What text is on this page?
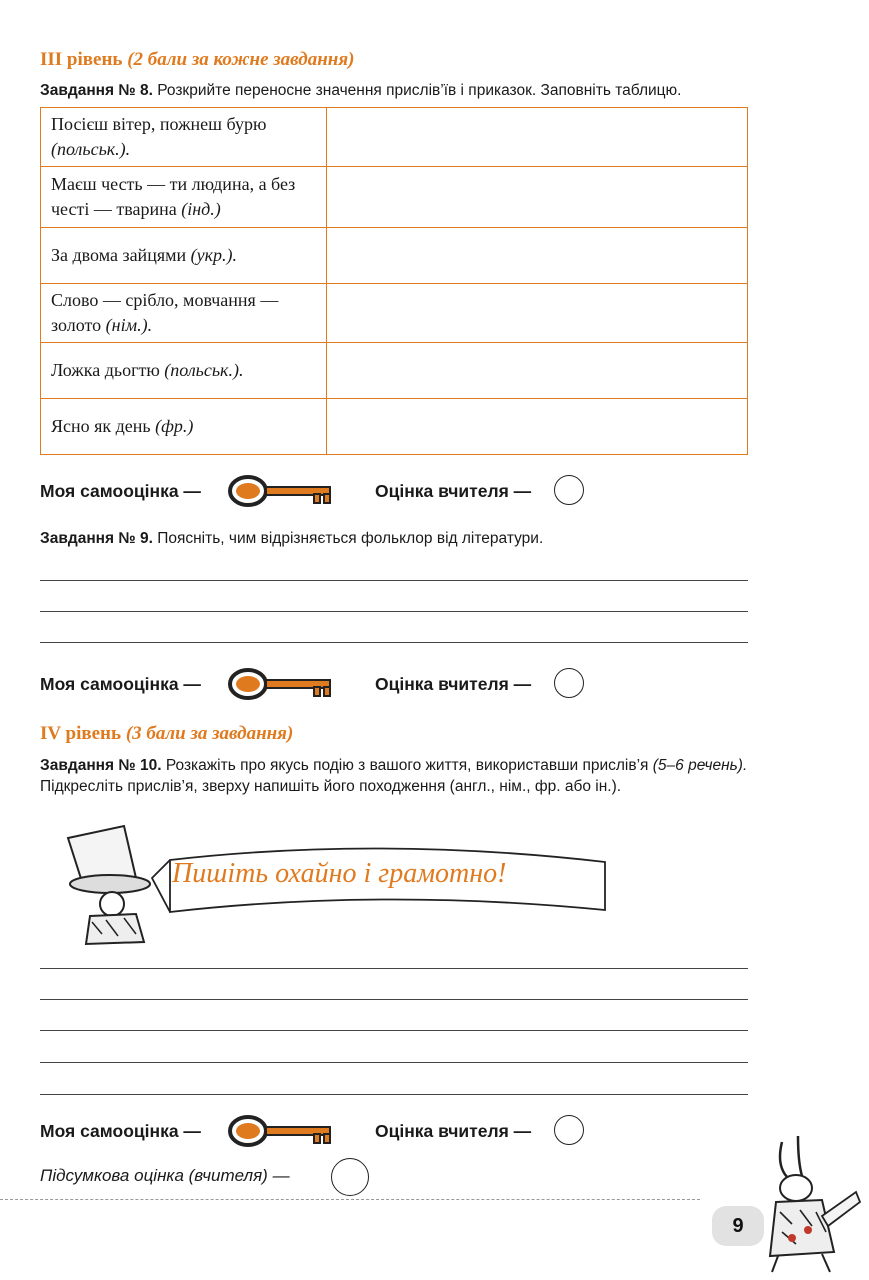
III рівень (2 бали за кожне завдання)
Завдання № 8. Розкрийте переносне значення прислів’їв і приказок. Заповніть таблицю.
Посієш вітер, пожнеш бурю
(польськ.).	
Маєш честь — ти людина, а без честі — тварина (інд.)	
За двома зайцями (укр.).	
Слово — срібло, мовчання — золото (нім.).	
Ложка дьогтю (польськ.).	
Ясно як день (фр.)	
Моя самооцінка —	Оцінка вчителя —
Завдання № 9. Поясніть, чим відрізняється фольклор від літератури.
Моя самооцінка —	Оцінка вчителя —
IV рівень (3 бали за завдання)
Завдання № 10. Розкажіть про якусь подію з вашого життя, використавши прислів’я (5–6 речень). Підкресліть прислів’я, зверху напишіть його походження (англ., нім., фр. або ін.).
Пишіть охайно і грамотно!
Моя самооцінка —	Оцінка вчителя —
Підсумкова оцінка (вчителя) —
9
